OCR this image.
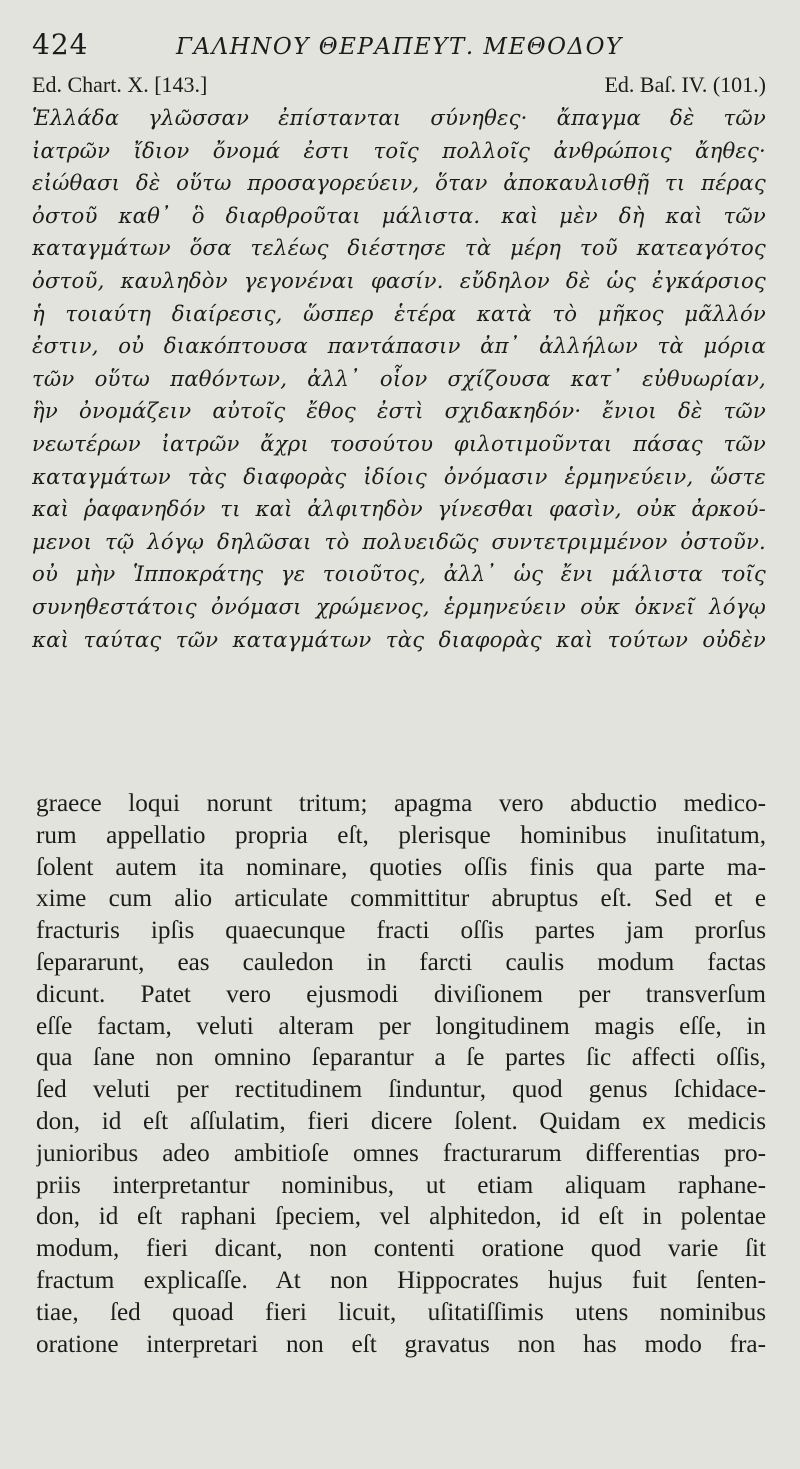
424	ΓΑΛΗΝΟΥ ΘΕΡΑΠΕΥΤ. ΜΕΘΟΔΟΥ
Ed. Chart. X. [143.]	Ed. Baſ. IV. (101.)
Ἑλλάδα γλῶσσαν ἐπίστανται σύνηθες· ἄπαγμα δὲ τῶν
ἰατρῶν ἴδιον ὄνομά ἐστι τοῖς πολλοῖς ἀνθρώποις ἄηθες·
εἰώθασι δὲ οὕτω προσαγορεύειν, ὅταν ἀποκαυλισθῇ τι πέρας
ὀστοῦ καθ᾽ ὃ διαρθροῦται μάλιστα. καὶ μὲν δὴ καὶ τῶν
καταγμάτων ὅσα τελέως διέστησε τὰ μέρη τοῦ κατεαγότος
ὀστοῦ, καυληδὸν γεγονέναι φασίν. εὔδηλον δὲ ὡς ἐγκάρσιος
ἡ τοιαύτη διαίρεσις, ὥσπερ ἑτέρα κατὰ τὸ μῆκος μᾶλλόν
ἐστιν, οὐ διακόπτουσα παντάπασιν ἀπ᾽ ἀλλήλων τὰ μόρια
τῶν οὕτω παθόντων, ἀλλ᾽ οἷον σχίζουσα κατ᾽ εὐθυωρίαν,
ἣν ὀνομάζειν αὐτοῖς ἔθος ἐστὶ σχιδακηδόν· ἔνιοι δὲ τῶν
νεωτέρων ἰατρῶν ἄχρι τοσούτου φιλοτιμοῦνται πάσας τῶν
καταγμάτων τὰς διαφορὰς ἰδίοις ὀνόμασιν ἑρμηνεύειν, ὥστε
καὶ ῥαφανηδόν τι καὶ ἀλφιτηδὸν γίνεσθαι φασὶν, οὐκ ἀρκού-
μενοι τῷ λόγῳ δηλῶσαι τὸ πολυειδῶς συντετριμμένον ὀστοῦν.
οὐ μὴν Ἱπποκράτης γε τοιοῦτος, ἀλλ᾽ ὡς ἔνι μάλιστα τοῖς
συνηθεστάτοις ὀνόμασι χρώμενος, ἑρμηνεύειν οὐκ ὀκνεῖ λόγῳ
καὶ ταύτας τῶν καταγμάτων τὰς διαφορὰς καὶ τούτων οὐδὲν
graece loqui norunt tritum; apagma vero abductio medico-
rum appellatio propria eſt, plerisque hominibus inuſitatum,
ſolent autem ita nominare, quoties oſſis finis qua parte ma-
xime cum alio articulate committitur abruptus eſt. Sed et e
fracturis ipſis quaecunque fracti oſſis partes jam prorſus
ſepararunt, eas cauledon in farcti caulis modum factas
dicunt. Patet vero ejusmodi diviſionem per transverſum
eſſe factam, veluti alteram per longitudinem magis eſſe, in
qua ſane non omnino ſeparantur a ſe partes ſic affecti oſſis,
ſed veluti per rectitudinem ſinduntur, quod genus ſchidace-
don, id eſt aſſulatim, fieri dicere ſolent. Quidam ex medicis
junioribus adeo ambitioſe omnes fracturarum differentias pro-
priis interpretantur nominibus, ut etiam aliquam raphane-
don, id eſt raphani ſpeciem, vel alphitedon, id eſt in polentae
modum, fieri dicant, non contenti oratione quod varie ſit
fractum explicaſſe. At non Hippocrates hujus fuit ſenten-
tiae, ſed quoad fieri licuit, uſitatiſſimis utens nominibus
oratione interpretari non eſt gravatus non has modo fra-
